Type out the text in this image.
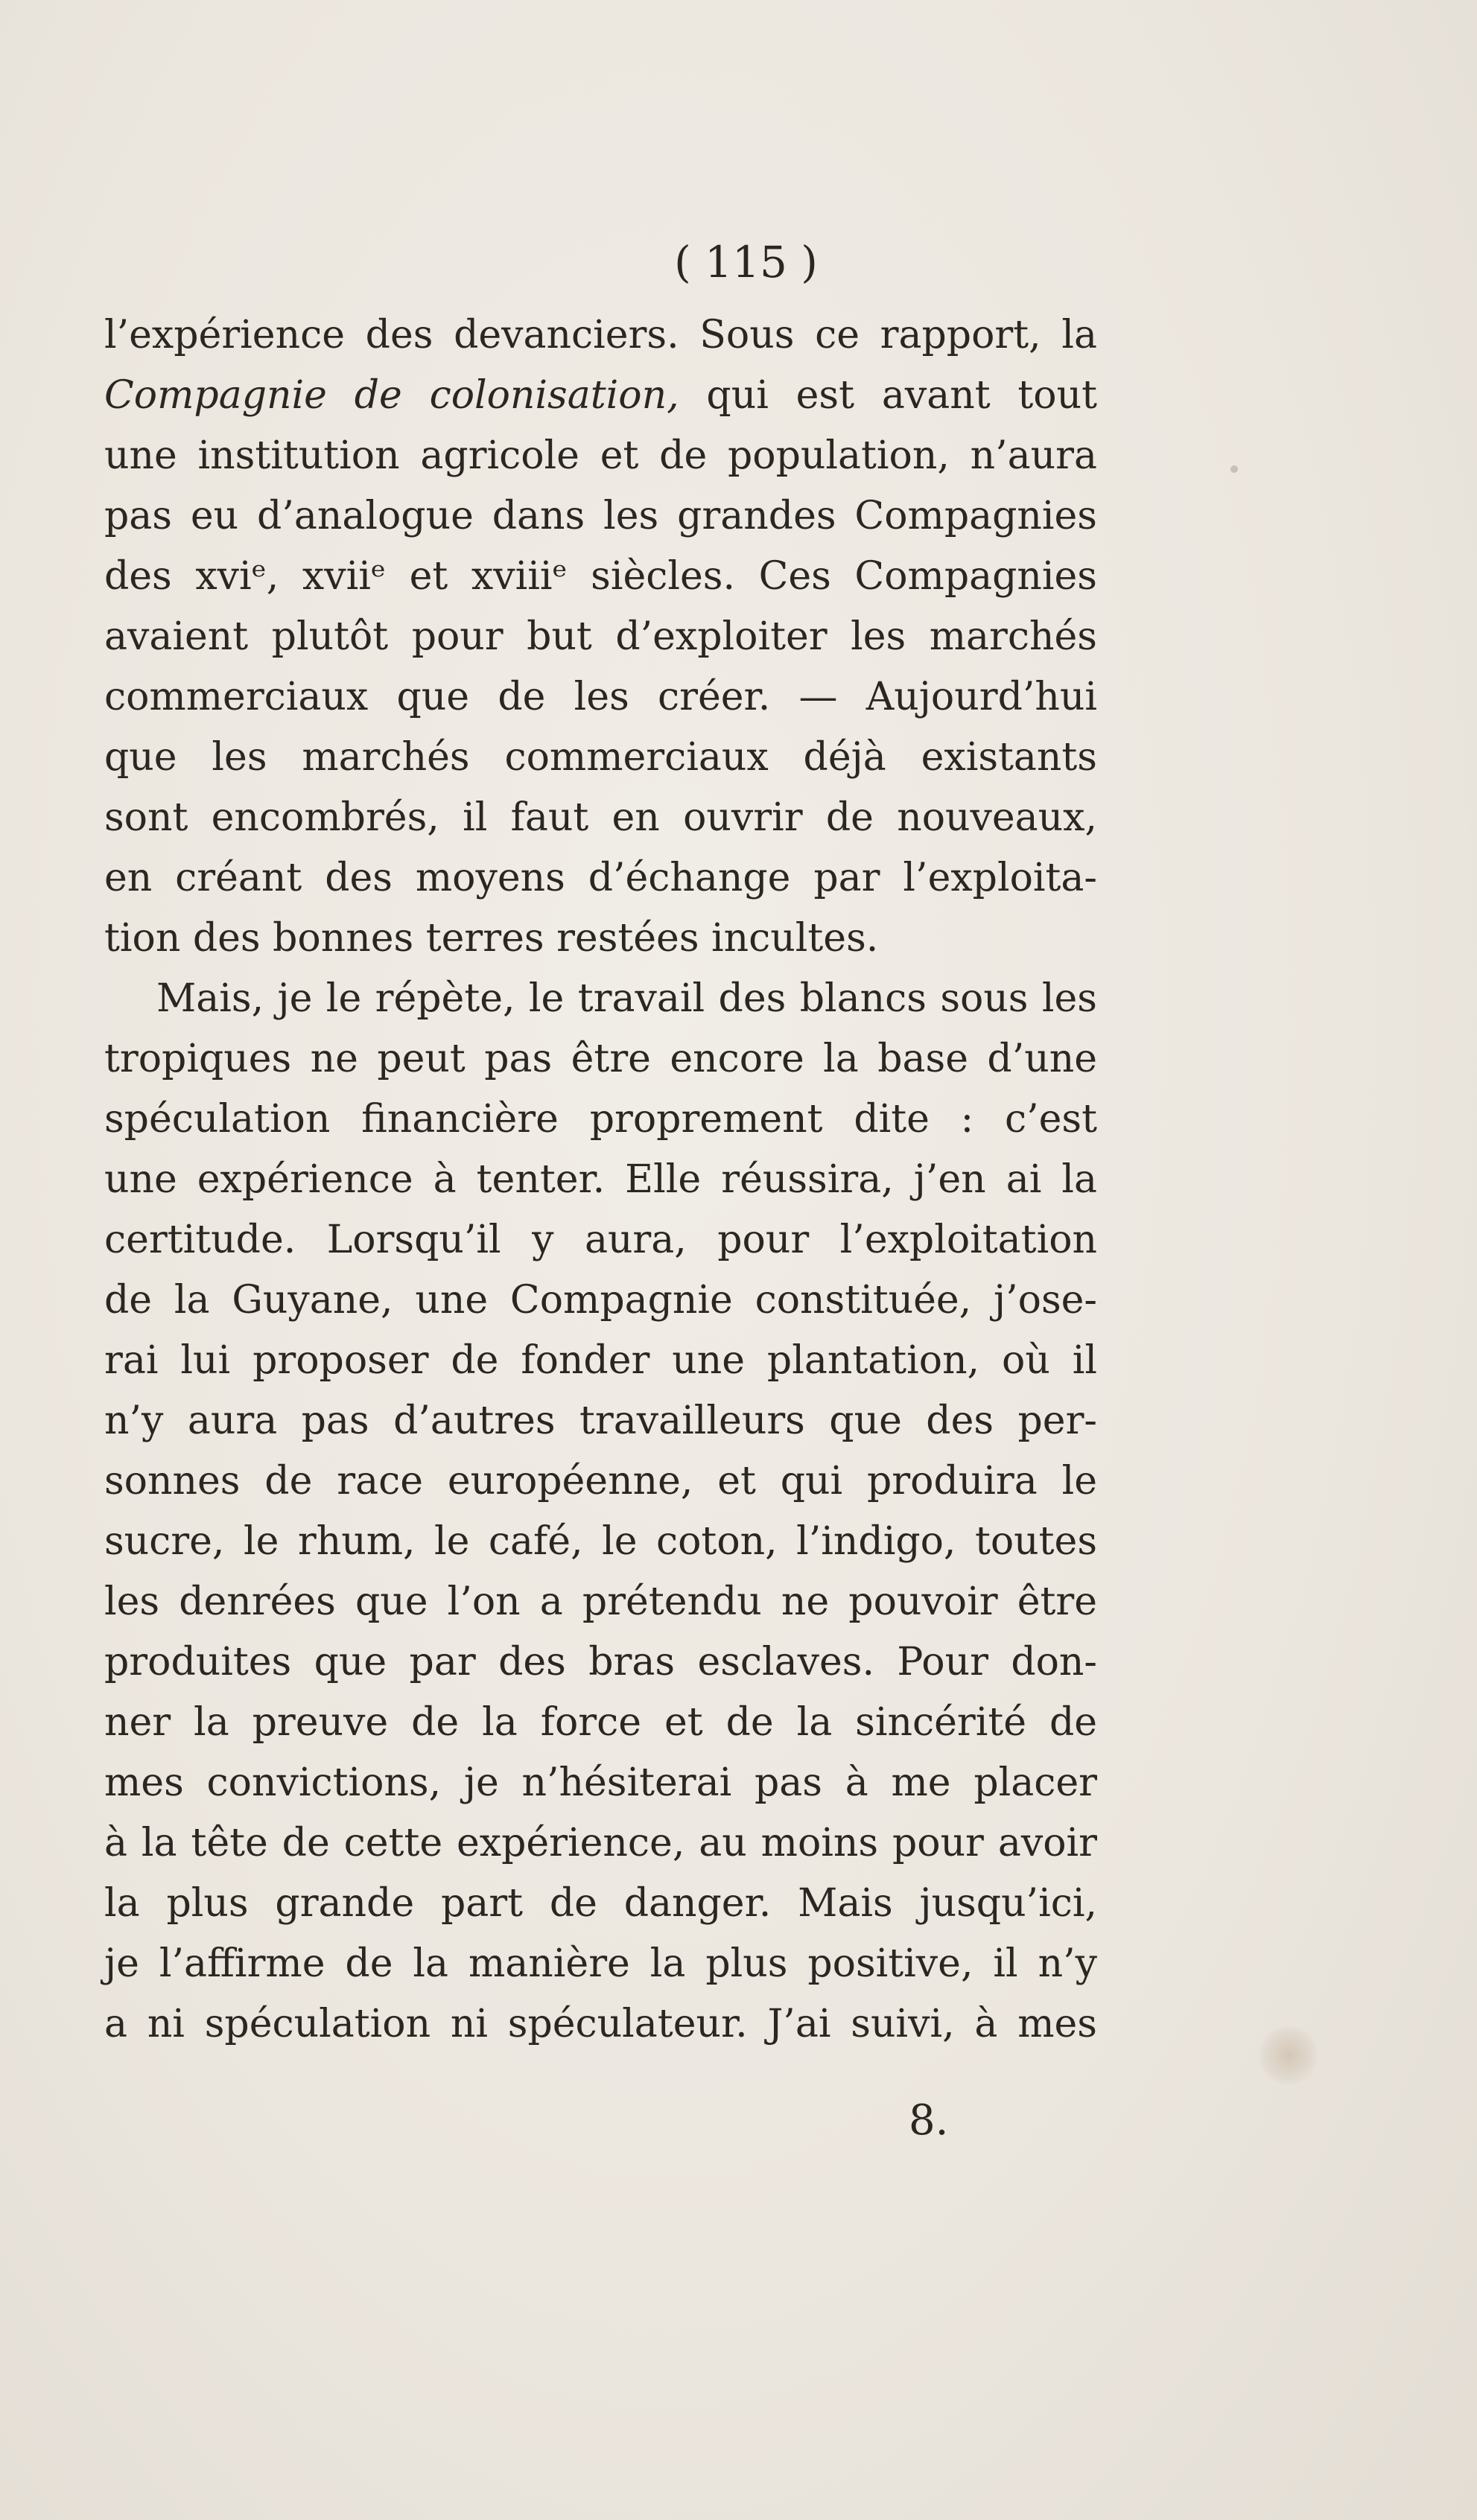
( 115 )
l’expérience des devanciers. Sous ce rapport, la
Compagnie de colonisation, qui est avant tout
une institution agricole et de population, n’aura
pas eu d’analogue dans les grandes Compagnies
des xviᵉ, xviiᵉ et xviiiᵉ siècles. Ces Compagnies
avaient plutôt pour but d’exploiter les marchés
commerciaux que de les créer. — Aujourd’hui
que les marchés commerciaux déjà existants
sont encombrés, il faut en ouvrir de nouveaux,
en créant des moyens d’échange par l’exploita-
tion des bonnes terres restées incultes.
Mais, je le répète, le travail des blancs sous les
tropiques ne peut pas être encore la base d’une
spéculation financière proprement dite : c’est
une expérience à tenter. Elle réussira, j’en ai la
certitude. Lorsqu’il y aura, pour l’exploitation
de la Guyane, une Compagnie constituée, j’ose-
rai lui proposer de fonder une plantation, où il
n’y aura pas d’autres travailleurs que des per-
sonnes de race européenne, et qui produira le
sucre, le rhum, le café, le coton, l’indigo, toutes
les denrées que l’on a prétendu ne pouvoir être
produites que par des bras esclaves. Pour don-
ner la preuve de la force et de la sincérité de
mes convictions, je n’hésiterai pas à me placer
à la tête de cette expérience, au moins pour avoir
la plus grande part de danger. Mais jusqu’ici,
je l’affirme de la manière la plus positive, il n’y
a ni spéculation ni spéculateur. J’ai suivi, à mes
8.
